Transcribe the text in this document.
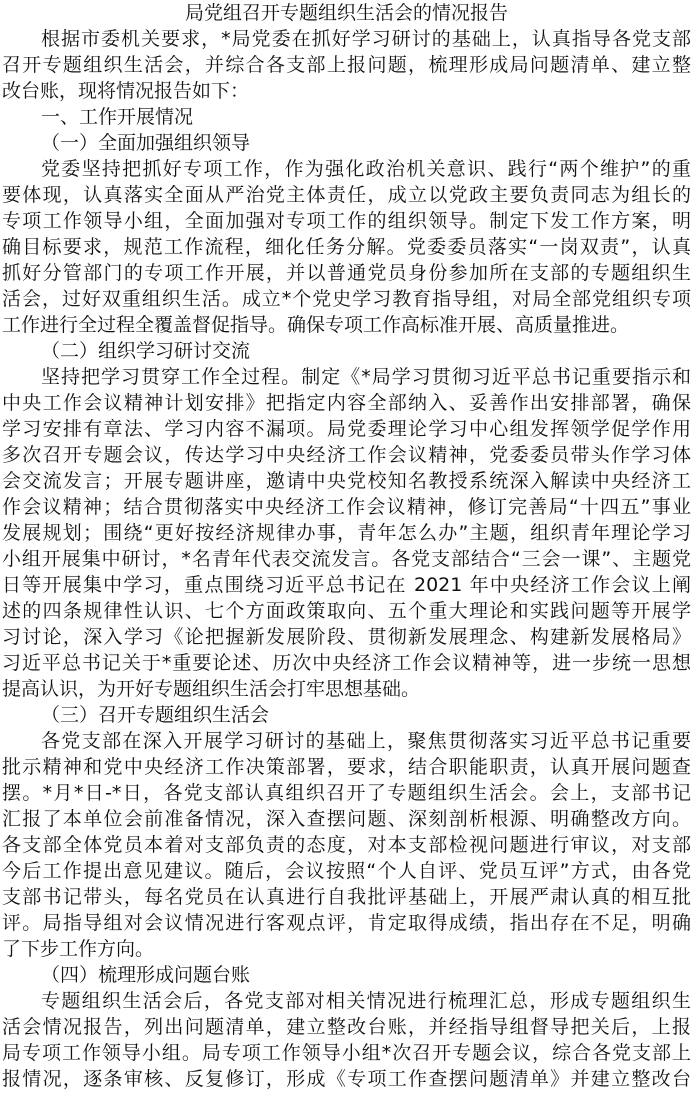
局党组召开专题组织生活会的情况报告
根据市委机关要求，*局党委在抓好学习研讨的基础上，认真指导各党支部
召开专题组织生活会，并综合各支部上报问题，梳理形成局问题清单、建立整
改台账，现将情况报告如下：
一、工作开展情况
（一）全面加强组织领导
党委坚持把抓好专项工作，作为强化政治机关意识、践行“两个维护”的重
要体现，认真落实全面从严治党主体责任，成立以党政主要负责同志为组长的
专项工作领导小组，全面加强对专项工作的组织领导。制定下发工作方案，明
确目标要求，规范工作流程，细化任务分解。党委委员落实“一岗双责”，认真
抓好分管部门的专项工作开展，并以普通党员身份参加所在支部的专题组织生
活会，过好双重组织生活。成立*个党史学习教育指导组，对局全部党组织专项
工作进行全过程全覆盖督促指导。确保专项工作高标准开展、高质量推进。
（二）组织学习研讨交流
坚持把学习贯穿工作全过程。制定《*局学习贯彻习近平总书记重要指示和
中央工作会议精神计划安排》把指定内容全部纳入、妥善作出安排部署，确保
学习安排有章法、学习内容不漏项。局党委理论学习中心组发挥领学促学作用
多次召开专题会议，传达学习中央经济工作会议精神，党委委员带头作学习体
会交流发言；开展专题讲座，邀请中央党校知名教授系统深入解读中央经济工
作会议精神；结合贯彻落实中央经济工作会议精神，修订完善局“十四五”事业
发展规划；围绕“更好按经济规律办事，青年怎么办”主题，组织青年理论学习
小组开展集中研讨，*名青年代表交流发言。各党支部结合“三会一课”、主题党
日等开展集中学习，重点围绕习近平总书记在 2021 年中央经济工作会议上阐
述的四条规律性认识、七个方面政策取向、五个重大理论和实践问题等开展学
习讨论，深入学习《论把握新发展阶段、贯彻新发展理念、构建新发展格局》
习近平总书记关于*重要论述、历次中央经济工作会议精神等，进一步统一思想
提高认识，为开好专题组织生活会打牢思想基础。
（三）召开专题组织生活会
各党支部在深入开展学习研讨的基础上，聚焦贯彻落实习近平总书记重要
批示精神和党中央经济工作决策部署，要求，结合职能职责，认真开展问题查
摆。*月*日-*日，各党支部认真组织召开了专题组织生活会。会上，支部书记
汇报了本单位会前准备情况，深入查摆问题、深刻剖析根源、明确整改方向。
各支部全体党员本着对支部负责的态度，对本支部检视问题进行审议，对支部
今后工作提出意见建议。随后，会议按照“个人自评、党员互评”方式，由各党
支部书记带头，每名党员在认真进行自我批评基础上，开展严肃认真的相互批
评。局指导组对会议情况进行客观点评，肯定取得成绩，指出存在不足，明确
了下步工作方向。
（四）梳理形成问题台账
专题组织生活会后，各党支部对相关情况进行梳理汇总，形成专题组织生
活会情况报告，列出问题清单，建立整改台账，并经指导组督导把关后，上报
局专项工作领导小组。局专项工作领导小组*次召开专题会议，综合各党支部上
报情况，逐条审核、反复修订，形成《专项工作查摆问题清单》并建立整改台
